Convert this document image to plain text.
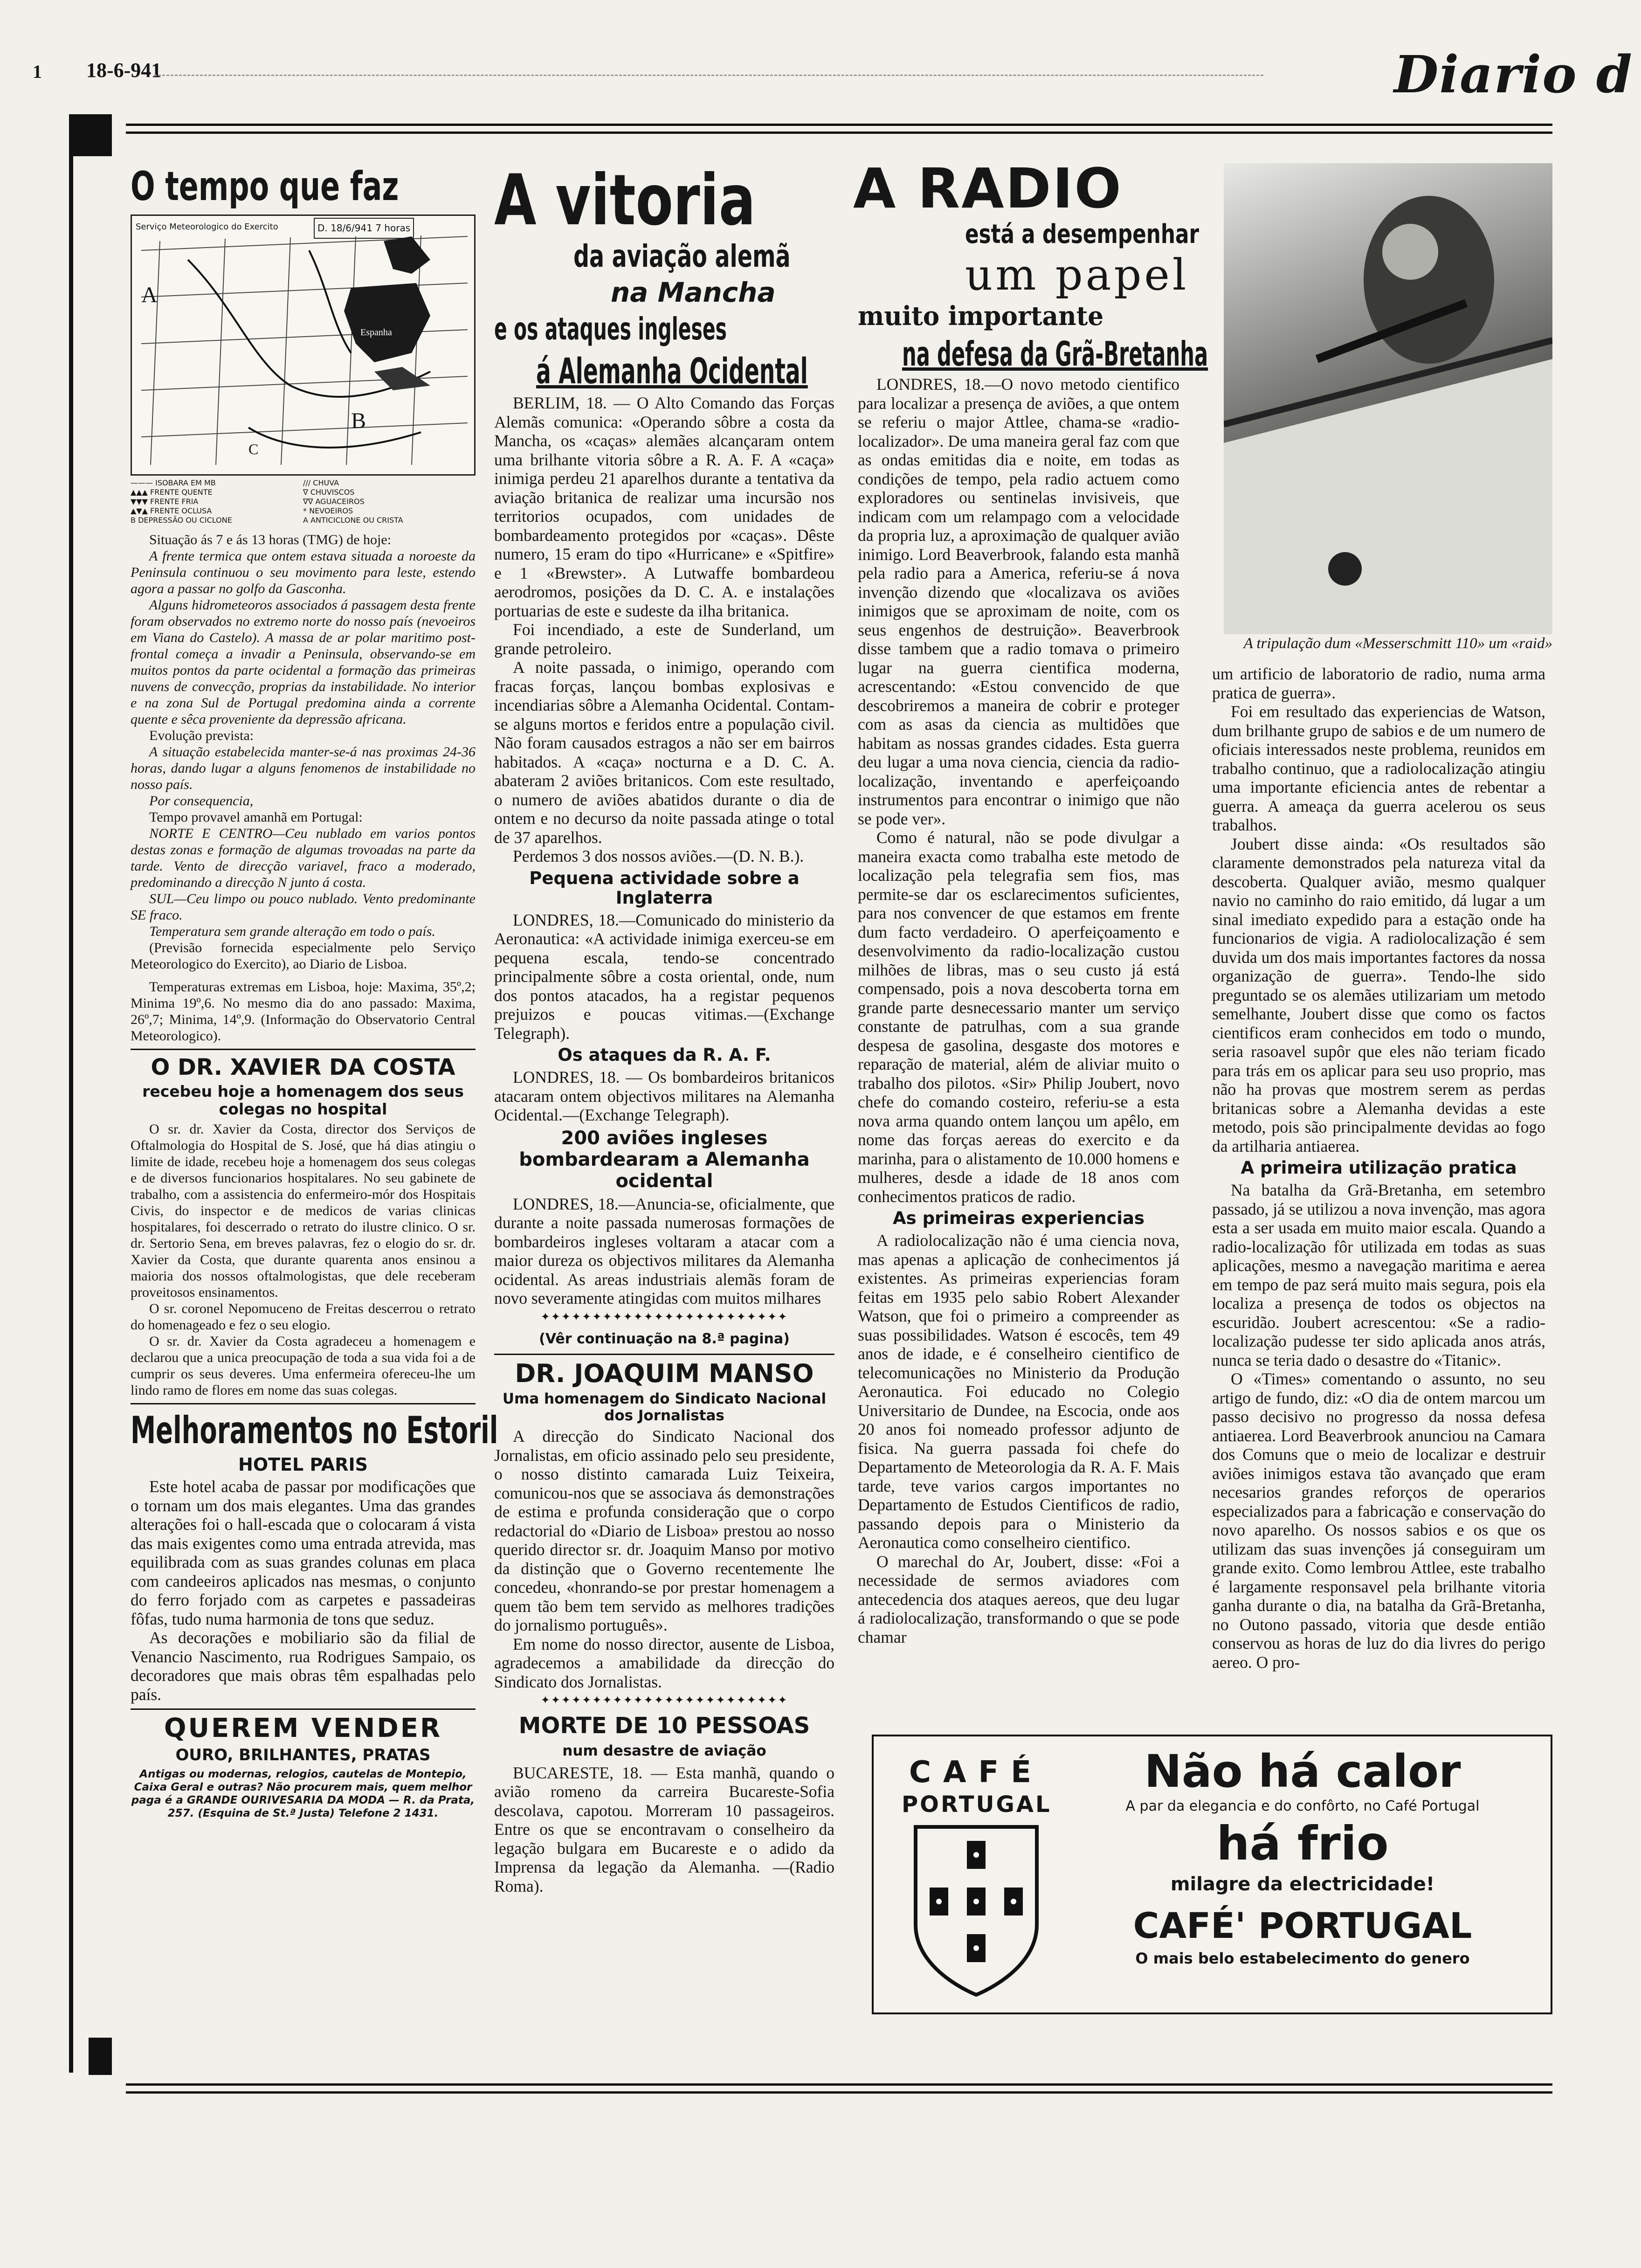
1 18-6-941	Diario d
O tempo que faz
Serviço Meteorologico do Exercito	D. 18/6/941 7 horas
A
B
C
Espanha
——— ISOBARA EM MB	/// CHUVA
▲▲▲ FRENTE QUENTE	∇ CHUVISCOS
▼▼▼ FRENTE FRIA	∇∇ AGUACEIROS
▲▼▲ FRENTE OCLUSA	* NEVOEIROS
B DEPRESSÃO OU CICLONE	A ANTICICLONE OU CRISTA

Situação ás 7 e ás 13 horas (TMG) de hoje:

A frente termica que ontem estava situada a noroeste da Peninsula continuou o seu movimento para leste, estendo agora a passar no golfo da Gasconha.

Alguns hidrometeoros associados á passagem desta frente foram observados no extremo norte do nosso país (nevoeiros em Viana do Castelo). A massa de ar polar maritimo post-frontal começa a invadir a Peninsula, observando-se em muitos pontos da parte ocidental a formação das primeiras nuvens de convecção, proprias da instabilidade. No interior e na zona Sul de Portugal predomina ainda a corrente quente e sêca proveniente da depressão africana.

Evolução prevista:

A situação estabelecida manter-se-á nas proximas 24-36 horas, dando lugar a alguns fenomenos de instabilidade no nosso país.

Por consequencia,

Tempo provavel amanhã em Portugal:

NORTE E CENTRO—Ceu nublado em varios pontos destas zonas e formação de algumas trovoadas na parte da tarde. Vento de direcção variavel, fraco a moderado, predominando a direcção N junto á costa.

SUL—Ceu limpo ou pouco nublado. Vento predominante SE fraco.

Temperatura sem grande alteração em todo o país.

(Previsão fornecida especialmente pelo Serviço Meteorologico do Exercito), ao Diario de Lisboa.

Temperaturas extremas em Lisboa, hoje: Maxima, 35º,2; Minima 19º,6. No mesmo dia do ano passado: Maxima, 26º,7; Minima, 14º,9. (Informação do Observatorio Central Meteorologico).

O DR. XAVIER DA COSTA
recebeu hoje a homenagem dos seus colegas no hospital

O sr. dr. Xavier da Costa, director dos Serviços de Oftalmologia do Hospital de S. José, que há dias atingiu o limite de idade, recebeu hoje a homenagem dos seus colegas e de diversos funcionarios hospitalares. No seu gabinete de trabalho, com a assistencia do enfermeiro-mór dos Hospitais Civis, do inspector e de medicos de varias clinicas hospitalares, foi descerrado o retrato do ilustre clinico. O sr. dr. Sertorio Sena, em breves palavras, fez o elogio do sr. dr. Xavier da Costa, que durante quarenta anos ensinou a maioria dos nossos oftalmologistas, que dele receberam proveitosos ensinamentos.

O sr. coronel Nepomuceno de Freitas descerrou o retrato do homenageado e fez o seu elogio.

O sr. dr. Xavier da Costa agradeceu a homenagem e declarou que a unica preocupação de toda a sua vida foi a de cumprir os seus deveres. Uma enfermeira ofereceu-lhe um lindo ramo de flores em nome das suas colegas.

Melhoramentos no Estoril
HOTEL PARIS

Este hotel acaba de passar por modificações que o tornam um dos mais elegantes. Uma das grandes alterações foi o hall-escada que o colocaram á vista das mais exigentes como uma entrada atrevida, mas equilibrada com as suas grandes colunas em placa com candeeiros aplicados nas mesmas, o conjunto do ferro forjado com as carpetes e passadeiras fôfas, tudo numa harmonia de tons que seduz.

As decorações e mobiliario são da filial de Venancio Nascimento, rua Rodrigues Sampaio, os decoradores que mais obras têm espalhadas pelo país.

QUEREM VENDER
OURO, BRILHANTES, PRATAS
Antigas ou modernas, relogios, cautelas de Montepio, Caixa Geral e outras? Não procurem mais, quem melhor paga é a GRANDE OURIVESARIA DA MODA — R. da Prata, 257. (Esquina de St.ª Justa) Telefone 2 1431.
A vitoria
da aviação alemã
na Mancha
e os ataques ingleses
á Alemanha Ocidental

BERLIM, 18. — O Alto Comando das Forças Alemãs comunica: «Operando sôbre a costa da Mancha, os «caças» alemães alcançaram ontem uma brilhante vitoria sôbre a R. A. F. A «caça» inimiga perdeu 21 aparelhos durante a tentativa da aviação britanica de realizar uma incursão nos territorios ocupados, com unidades de bombardeamento protegidos por «caças». Dêste numero, 15 eram do tipo «Hurricane» e «Spitfire» e 1 «Brewster». A Lutwaffe bombardeou aerodromos, posições da D. C. A. e instalações portuarias de este e sudeste da ilha britanica.

Foi incendiado, a este de Sunderland, um grande petroleiro.

A noite passada, o inimigo, operando com fracas forças, lançou bombas explosivas e incendiarias sôbre a Alemanha Ocidental. Contam-se alguns mortos e feridos entre a população civil. Não foram causados estragos a não ser em bairros habitados. A «caça» nocturna e a D. C. A. abateram 2 aviões britanicos. Com este resultado, o numero de aviões abatidos durante o dia de ontem e no decurso da noite passada atinge o total de 37 aparelhos.

Perdemos 3 dos nossos aviões.—(D. N. B.).

Pequena actividade sobre a Inglaterra

LONDRES, 18.—Comunicado do ministerio da Aeronautica: «A actividade inimiga exerceu-se em pequena escala, tendo-se concentrado principalmente sôbre a costa oriental, onde, num dos pontos atacados, ha a registar pequenos prejuizos e poucas vitimas.—(Exchange Telegraph).

Os ataques da R. A. F.

LONDRES, 18. — Os bombardeiros britanicos atacaram ontem objectivos militares na Alemanha Ocidental.—(Exchange Telegraph).

200 aviões ingleses bombardearam a Alemanha ocidental

LONDRES, 18.—Anuncia-se, oficialmente, que durante a noite passada numerosas formações de bombardeiros ingleses voltaram a atacar com a maior dureza os objectivos militares da Alemanha ocidental. As areas industriais alemãs foram de novo severamente atingidas com muitos milhares

✦✦✦✦✦✦✦✦✦✦✦✦✦✦✦✦✦✦✦✦✦✦✦✦
(Vêr continuação na 8.ª pagina)
DR. JOAQUIM MANSO
Uma homenagem do Sindicato Nacional dos Jornalistas

A direcção do Sindicato Nacional dos Jornalistas, em oficio assinado pelo seu presidente, o nosso distinto camarada Luiz Teixeira, comunicou-nos que se associava ás demonstrações de estima e profunda consideração que o corpo redactorial do «Diario de Lisboa» prestou ao nosso querido director sr. dr. Joaquim Manso por motivo da distinção que o Governo recentemente lhe concedeu, «honrando-se por prestar homenagem a quem tão bem tem servido as melhores tradições do jornalismo português».

Em nome do nosso director, ausente de Lisboa, agradecemos a amabilidade da direcção do Sindicato dos Jornalistas.

✦✦✦✦✦✦✦✦✦✦✦✦✦✦✦✦✦✦✦✦✦✦✦✦
MORTE DE 10 PESSOAS
num desastre de aviação

BUCARESTE, 18. — Esta manhã, quando o avião romeno da carreira Bucareste-Sofia descolava, capotou. Morreram 10 passageiros. Entre os que se encontravam o conselheiro da legação bulgara em Bucareste e o adido da Imprensa da legação da Alemanha. —(Radio Roma).

A RADIO
está a desempenhar
um papel
muito importante
na defesa da Grã-Bretanha

LONDRES, 18.—O novo metodo cientifico para localizar a presença de aviões, a que ontem se referiu o major Attlee, chama-se «radio-localizador». De uma maneira geral faz com que as ondas emitidas dia e noite, em todas as condições de tempo, pela radio actuem como exploradores ou sentinelas invisiveis, que indicam com um relampago com a velocidade da propria luz, a aproximação de qualquer avião inimigo. Lord Beaverbrook, falando esta manhã pela radio para a America, referiu-se á nova invenção dizendo que «localizava os aviões inimigos que se aproximam de noite, com os seus engenhos de destruição». Beaverbrook disse tambem que a radio tomava o primeiro lugar na guerra cientifica moderna, acrescentando: «Estou convencido de que descobriremos a maneira de cobrir e proteger com as asas da ciencia as multidões que habitam as nossas grandes cidades. Esta guerra deu lugar a uma nova ciencia, ciencia da radio-localização, inventando e aperfeiçoando instrumentos para encontrar o inimigo que não se pode ver».

Como é natural, não se pode divulgar a maneira exacta como trabalha este metodo de localização pela telegrafia sem fios, mas permite-se dar os esclarecimentos suficientes, para nos convencer de que estamos em frente dum facto verdadeiro. O aperfeiçoamento e desenvolvimento da radio-localização custou milhões de libras, mas o seu custo já está compensado, pois a nova descoberta torna em grande parte desnecessario manter um serviço constante de patrulhas, com a sua grande despesa de gasolina, desgaste dos motores e reparação de material, além de aliviar muito o trabalho dos pilotos. «Sir» Philip Joubert, novo chefe do comando costeiro, referiu-se a esta nova arma quando ontem lançou um apêlo, em nome das forças aereas do exercito e da marinha, para o alistamento de 10.000 homens e mulheres, desde a idade de 18 anos com conhecimentos praticos de radio.

As primeiras experiencias

A radiolocalização não é uma ciencia nova, mas apenas a aplicação de conhecimentos já existentes. As primeiras experiencias foram feitas em 1935 pelo sabio Robert Alexander Watson, que foi o primeiro a compreender as suas possibilidades. Watson é escocês, tem 49 anos de idade, e é conselheiro cientifico de telecomunicações no Ministerio da Produção Aeronautica. Foi educado no Colegio Universitario de Dundee, na Escocia, onde aos 20 anos foi nomeado professor adjunto de fisica. Na guerra passada foi chefe do Departamento de Meteorologia da R. A. F. Mais tarde, teve varios cargos importantes no Departamento de Estudos Cientificos de radio, passando depois para o Ministerio da Aeronautica como conselheiro cientifico.

O marechal do Ar, Joubert, disse: «Foi a necessidade de sermos aviadores com antecedencia dos ataques aereos, que deu lugar á radiolocalização, transformando o que se pode chamar

A tripulação dum «Messerschmitt 110» um «raid»

um artificio de laboratorio de radio, numa arma pratica de guerra».

Foi em resultado das experiencias de Watson, dum brilhante grupo de sabios e de um numero de oficiais interessados neste problema, reunidos em trabalho continuo, que a radiolocalização atingiu uma importante eficiencia antes de rebentar a guerra. A ameaça da guerra acelerou os seus trabalhos.

Joubert disse ainda: «Os resultados são claramente demonstrados pela natureza vital da descoberta. Qualquer avião, mesmo qualquer navio no caminho do raio emitido, dá lugar a um sinal imediato expedido para a estação onde ha funcionarios de vigia. A radiolocalização é sem duvida um dos mais importantes factores da nossa organização de guerra». Tendo-lhe sido preguntado se os alemães utilizariam um metodo semelhante, Joubert disse que como os factos cientificos eram conhecidos em todo o mundo, seria rasoavel supôr que eles não teriam ficado para trás em os aplicar para seu uso proprio, mas não ha provas que mostrem serem as perdas britanicas sobre a Alemanha devidas a este metodo, pois são principalmente devidas ao fogo da artilharia antiaerea.

A primeira utilização pratica

Na batalha da Grã-Bretanha, em setembro passado, já se utilizou a nova invenção, mas agora esta a ser usada em muito maior escala. Quando a radio-localização fôr utilizada em todas as suas aplicações, mesmo a navegação maritima e aerea em tempo de paz será muito mais segura, pois ela localiza a presença de todos os objectos na escuridão. Joubert acrescentou: «Se a radio-localização pudesse ter sido aplicada anos atrás, nunca se teria dado o desastre do «Titanic».

O «Times» comentando o assunto, no seu artigo de fundo, diz: «O dia de ontem marcou um passo decisivo no progresso da nossa defesa antiaerea. Lord Beaverbrook anunciou na Camara dos Comuns que o meio de localizar e destruir aviões inimigos estava tão avançado que eram necesarios grandes reforços de operarios especializados para a fabricação e conservação do novo aparelho. Os nossos sabios e os que os utilizam das suas invenções já conseguiram um grande exito. Como lembrou Attlee, este trabalho é largamente responsavel pela brilhante vitoria ganha durante o dia, na batalha da Grã-Bretanha, no Outono passado, vitoria que desde entião conservou as horas de luz do dia livres do perigo aereo. O pro-

CAFÉ
PORTUGAL
Não há calor
A par da elegancia e do confôrto, no Café Portugal
há frio
milagre da electricidade!
CAFÉ' PORTUGAL
O mais belo estabelecimento do genero
